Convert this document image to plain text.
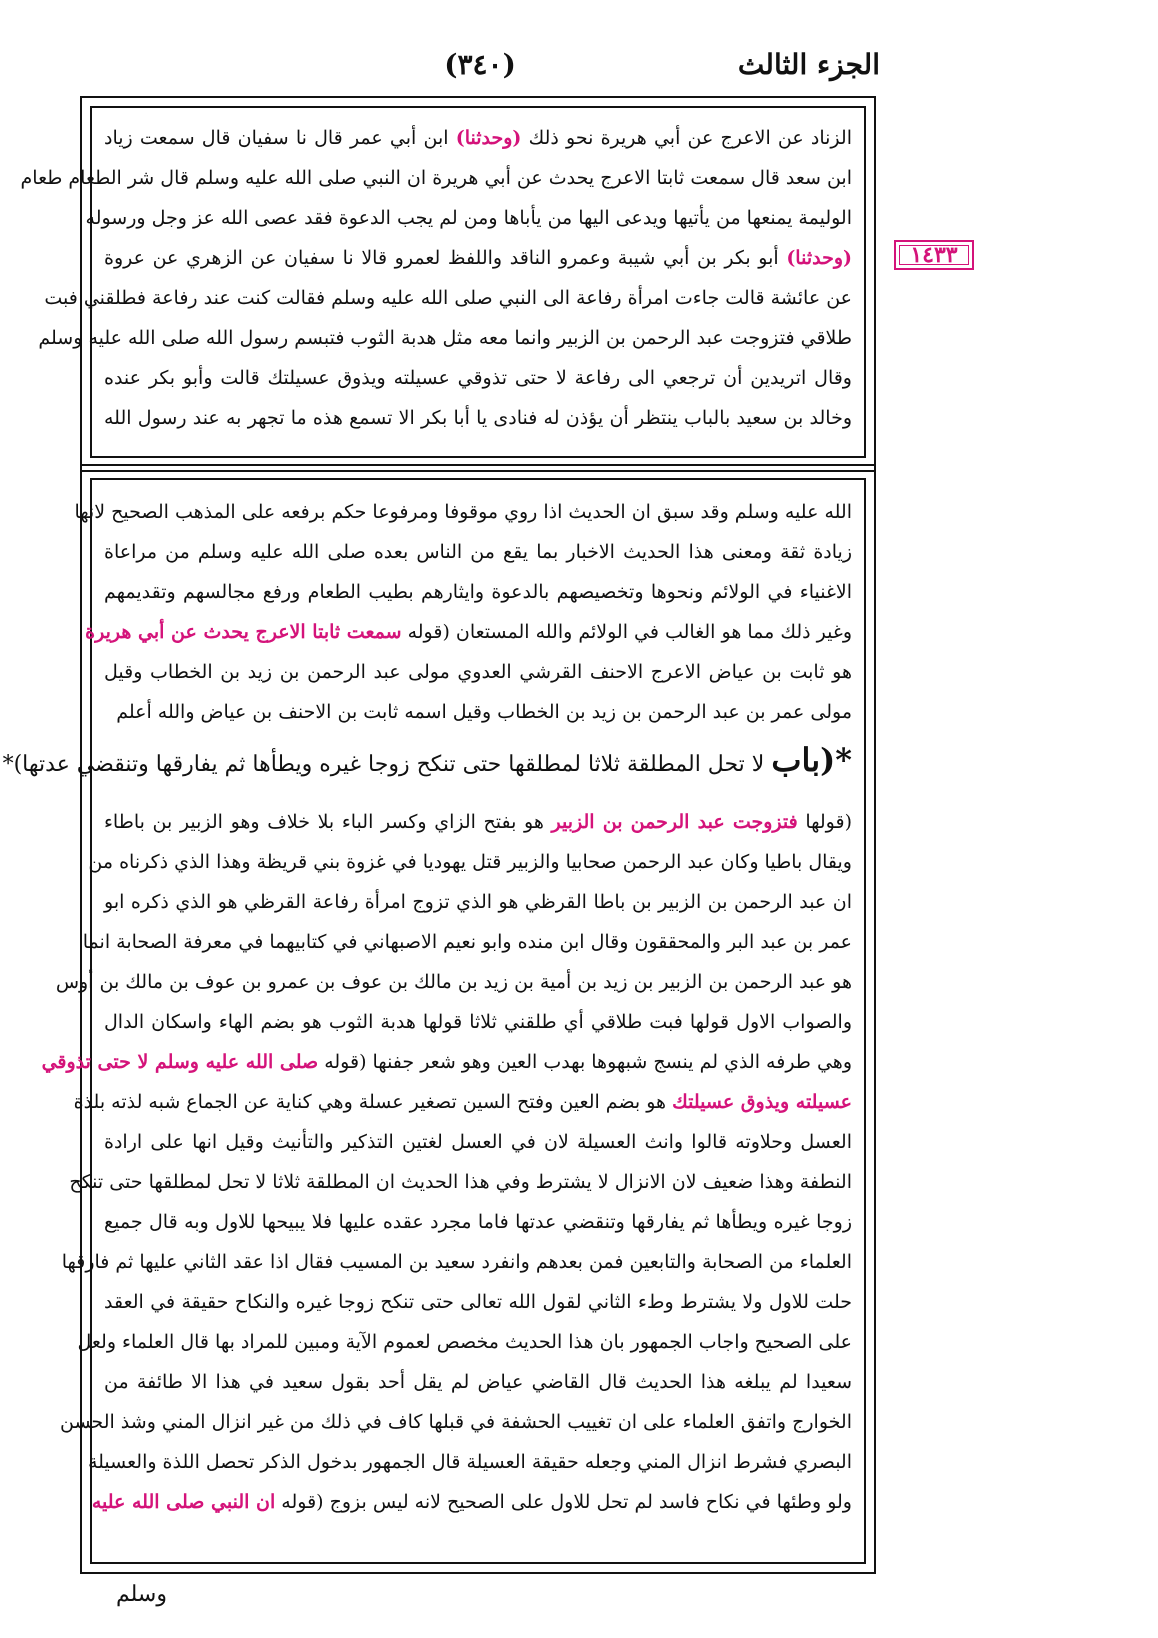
الجزء الثالث
(٣٤٠)
١٤٣٣
الزناد عن الاعرج عن أبي هريرة نحو ذلك (وحدثنا) ابن أبي عمر قال نا سفيان قال سمعت زياد
ابن سعد قال سمعت ثابتا الاعرج يحدث عن أبي هريرة ان النبي صلى الله عليه وسلم قال شر الطعام طعام
الوليمة يمنعها من يأتيها ويدعى اليها من يأباها ومن لم يجب الدعوة فقد عصى الله عز وجل ورسوله
(وحدثنا) أبو بكر بن أبي شيبة وعمرو الناقد واللفظ لعمرو قالا نا سفيان عن الزهري عن عروة
عن عائشة قالت جاءت امرأة رفاعة الى النبي صلى الله عليه وسلم فقالت كنت عند رفاعة فطلقني فبت
طلاقي فتزوجت عبد الرحمن بن الزبير وانما معه مثل هدبة الثوب فتبسم رسول الله صلى الله عليه وسلم
وقال اتريدين أن ترجعي الى رفاعة لا حتى تذوقي عسيلته ويذوق عسيلتك قالت وأبو بكر عنده
وخالد بن سعيد بالباب ينتظر أن يؤذن له فنادى يا أبا بكر الا تسمع هذه ما تجهر به عند رسول الله
الله عليه وسلم وقد سبق ان الحديث اذا روي موقوفا ومرفوعا حكم برفعه على المذهب الصحيح لانها
زيادة ثقة ومعنى هذا الحديث الاخبار بما يقع من الناس بعده صلى الله عليه وسلم من مراعاة
الاغنياء في الولائم ونحوها وتخصيصهم بالدعوة وايثارهم بطيب الطعام ورفع مجالسهم وتقديمهم
وغير ذلك مما هو الغالب في الولائم والله المستعان (قوله سمعت ثابتا الاعرج يحدث عن أبي هريرة
هو ثابت بن عياض الاعرج الاحنف القرشي العدوي مولى عبد الرحمن بن زيد بن الخطاب وقيل
مولى عمر بن عبد الرحمن بن زيد بن الخطاب وقيل اسمه ثابت بن الاحنف بن عياض والله أعلم
*(باب لا تحل المطلقة ثلاثا لمطلقها حتى تنكح زوجا غيره ويطأها ثم يفارقها وتنقضي عدتها)*
(قولها فتزوجت عبد الرحمن بن الزبير هو بفتح الزاي وكسر الباء بلا خلاف وهو الزبير بن باطاء
ويقال باطيا وكان عبد الرحمن صحابيا والزبير قتل يهوديا في غزوة بني قريظة وهذا الذي ذكرناه من
ان عبد الرحمن بن الزبير بن باطا القرظي هو الذي تزوج امرأة رفاعة القرظي هو الذي ذكره ابو
عمر بن عبد البر والمحققون وقال ابن منده وابو نعيم الاصبهاني في كتابيهما في معرفة الصحابة انما
هو عبد الرحمن بن الزبير بن زيد بن أمية بن زيد بن مالك بن عوف بن عمرو بن عوف بن مالك بن أوس
والصواب الاول قولها فبت طلاقي أي طلقني ثلاثا قولها هدبة الثوب هو بضم الهاء واسكان الدال
وهي طرفه الذي لم ينسج شبهوها بهدب العين وهو شعر جفنها (قوله صلى الله عليه وسلم لا حتى تذوقي
عسيلته ويذوق عسيلتك هو بضم العين وفتح السين تصغير عسلة وهي كناية عن الجماع شبه لذته بلذة
العسل وحلاوته قالوا وانث العسيلة لان في العسل لغتين التذكير والتأنيث وقيل انها على ارادة
النطفة وهذا ضعيف لان الانزال لا يشترط وفي هذا الحديث ان المطلقة ثلاثا لا تحل لمطلقها حتى تنكح
زوجا غيره ويطأها ثم يفارقها وتنقضي عدتها فاما مجرد عقده عليها فلا يبيحها للاول وبه قال جميع
العلماء من الصحابة والتابعين فمن بعدهم وانفرد سعيد بن المسيب فقال اذا عقد الثاني عليها ثم فارقها
حلت للاول ولا يشترط وطء الثاني لقول الله تعالى حتى تنكح زوجا غيره والنكاح حقيقة في العقد
على الصحيح واجاب الجمهور بان هذا الحديث مخصص لعموم الآية ومبين للمراد بها قال العلماء ولعل
سعيدا لم يبلغه هذا الحديث قال القاضي عياض لم يقل أحد بقول سعيد في هذا الا طائفة من
الخوارج واتفق العلماء على ان تغييب الحشفة في قبلها كاف في ذلك من غير انزال المني وشذ الحسن
البصري فشرط انزال المني وجعله حقيقة العسيلة قال الجمهور بدخول الذكر تحصل اللذة والعسيلة
ولو وطئها في نكاح فاسد لم تحل للاول على الصحيح لانه ليس بزوج (قوله ان النبي صلى الله عليه
وسلم
